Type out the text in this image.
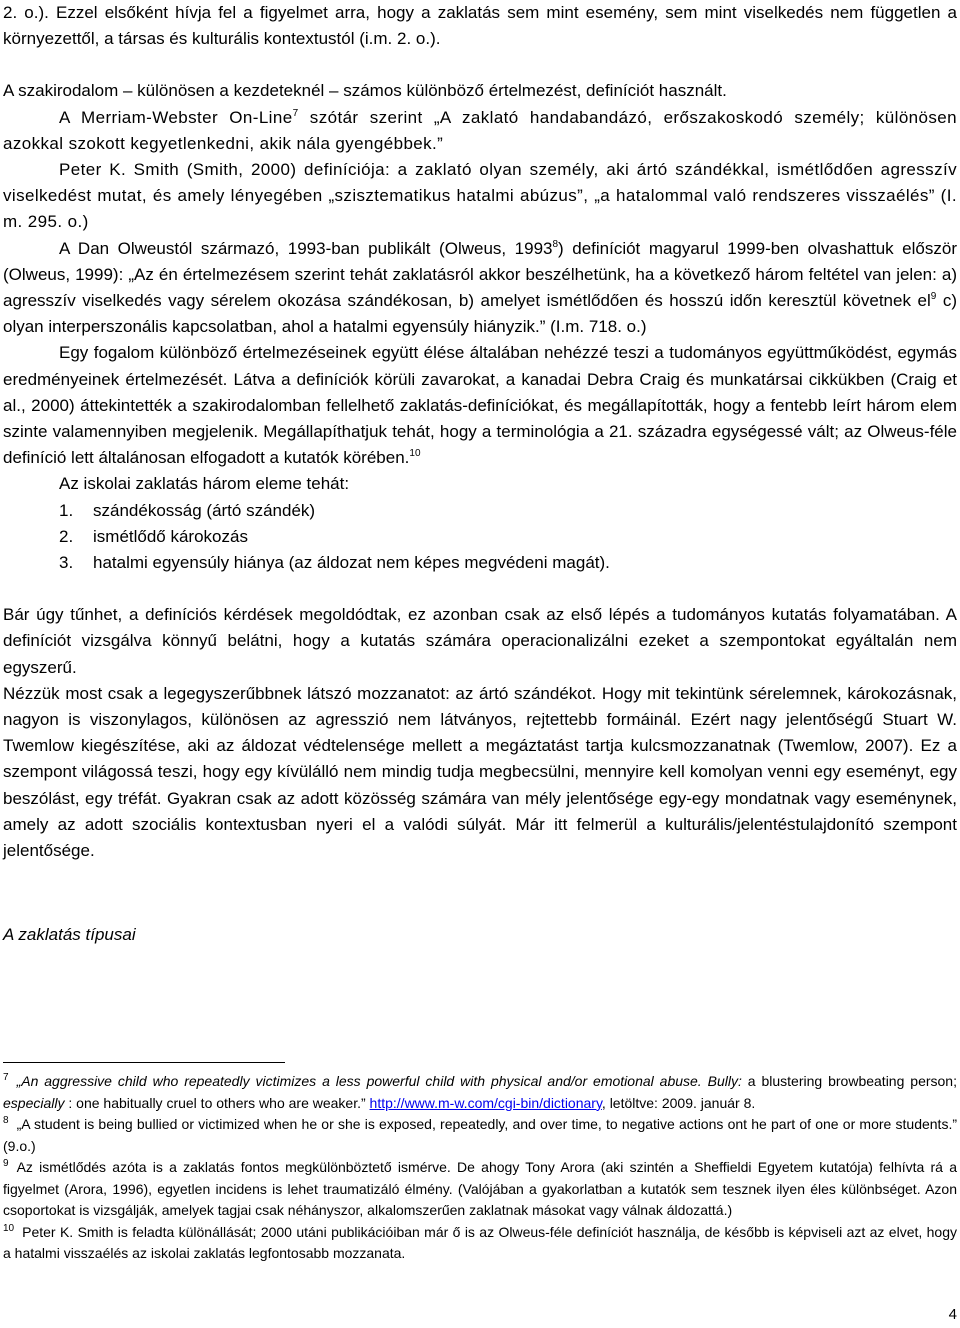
2. o.). Ezzel elsőként hívja fel a figyelmet arra, hogy a zaklatás sem mint esemény, sem mint viselkedés nem független a környezettől, a társas és kulturális kontextustól (i.m. 2. o.).

A szakirodalom – különösen a kezdeteknél – számos különböző értelmezést, definíciót használt.

A Merriam-Webster On-Line$^7$ szótár szerint „A zaklató handabandázó, erőszakoskodó személy; különösen azokkal szokott kegyetlenkedni, akik nála gyengébbek.”

Peter K. Smith (Smith, 2000) definíciója: a zaklató olyan személy, aki ártó szándékkal, ismétlődően agresszív viselkedést mutat, és amely lényegében „szisztematikus hatalmi abúzus”, „a hatalommal való rendszeres visszaélés” (I. m. 295. o.)

A Dan Olweustól származó, 1993-ban publikált (Olweus, 1993$^8$) definíciót magyarul 1999-ben olvashattuk először (Olweus, 1999): „Az én értelmezésem szerint tehát zaklatásról akkor beszélhetünk, ha a következő három feltétel van jelen: a) agresszív viselkedés vagy sérelem okozása szándékosan, b) amelyet ismétlődően és hosszú időn keresztül követnek $el^9$ c) olyan interperszonális kapcsolatban, ahol a hatalmi egyensúly hiányzik.” (I.m. 718. o.)

Egy fogalom különböző értelmezéseinek együtt élése általában nehézzé teszi a tudományos együttműködést, egymás eredményeinek értelmezését. Látva a definíciók körüli zavarokat, a kanadai Debra Craig és munkatársai cikkükben (Craig et al., 2000) áttekintették a szakirodalomban fellelhető zaklatás-definíciókat, és megállapították, hogy a fentebb leírt három elem szinte valamennyiben megjelenik. Megállapíthatjuk tehát, hogy a terminológia a 21. századra egységessé vált; az Olweus-féle definíció lett általánosan elfogadott a kutatók körében.$^{10}$

Az iskolai zaklatás három eleme tehát:

1. szándékosság (ártó szándék)
2. ismétlődő károkozás
3. hatalmi egyensúly hiánya (az áldozat nem képes megvédeni magát).

Bár úgy tűnhet, a definíciós kérdések megoldódtak, ez azonban csak az első lépés a tudományos kutatás folyamatában. A definíciót vizsgálva könnyű belátni, hogy a kutatás számára operacionalizálni ezeket a szempontokat egyáltalán nem egyszerű.

Nézzük most csak a legegyszerűbbnek látszó mozzanatot: az ártó szándékot. Hogy mit tekintünk sérelemnek, károkozásnak, nagyon is viszonylagos, különösen az agresszió nem látványos, rejtettebb formáinál. Ezért nagy jelentőségű Stuart W. Twemlow kiegészítése, aki az áldozat védtelensége mellett a megáztatást tartja kulcsmozzanatnak (Twemlow, 2007). Ez a szempont világossá teszi, hogy egy kívülálló nem mindig tudja megbecsülni, mennyire kell komolyan venni egy eseményt, egy beszólást, egy tréfát. Gyakran csak az adott közösség számára van mély jelentősége egy-egy mondatnak vagy eseménynek, amely az adott szociális kontextusban nyeri el a valódi súlyát. Már itt felmerül a kulturális/jelentéstulajdonító szempont jelentősége.

A zaklatás típusai

$^7$ „An aggressive child who repeatedly victimizes a less powerful child with physical and/or emotional abuse. Bully: a blustering browbeating person; especially : one habitually cruel to others who are weaker.” http://www.m-w.com/cgi-bin/dictionary, letöltve: 2009. január 8.

$^8$ „A student is being bullied or victimized when he or she is exposed, repeatedly, and over time, to negative actions ont he part of one or more students.” (9.o.)

$^9$ Az ismétlődés azóta is a zaklatás fontos megkülönböztető ismérve. De ahogy Tony Arora (aki szintén a Sheffieldi Egyetem kutatója) felhívta rá a figyelmet (Arora, 1996), egyetlen incidens is lehet traumatizáló élmény. (Valójában a gyakorlatban a kutatók sem tesznek ilyen éles különbséget. Azon csoportokat is vizsgálják, amelyek tagjai csak néhányszor, alkalomszerűen zaklatnak másokat vagy válnak áldozattá.)

$^{10}$ Peter K. Smith is feladta különállását; 2000 utáni publikációiban már ő is az Olweus-féle definíciót használja, de később is képviseli azt az elvet, hogy a hatalmi visszaélés az iskolai zaklatás legfontosabb mozzanata.

4
